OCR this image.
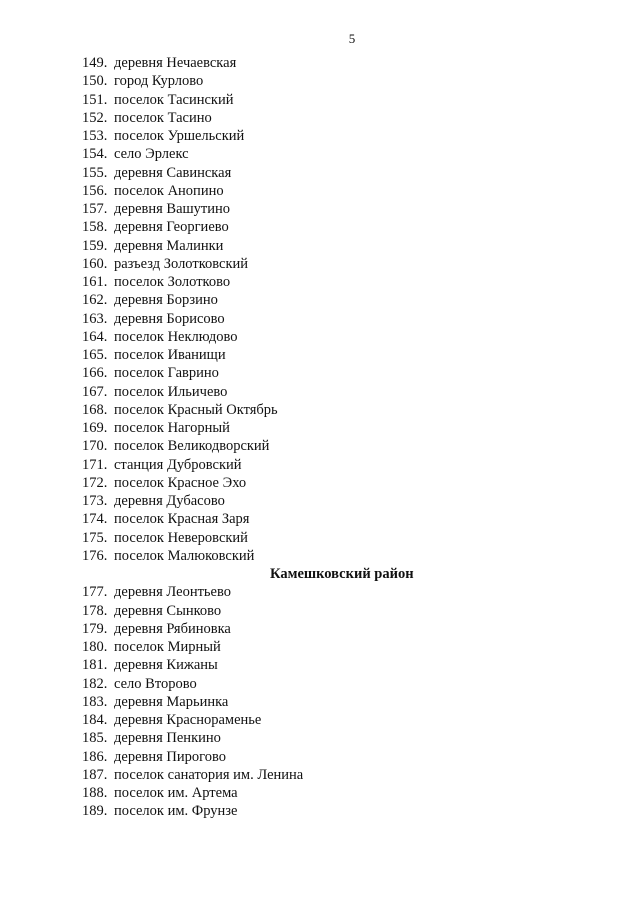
5
149. деревня Нечаевская
150. город Курлово
151. поселок Тасинский
152. поселок Тасино
153. поселок Уршельский
154. село Эрлекс
155. деревня Савинская
156. поселок Анопино
157. деревня Вашутино
158. деревня Георгиево
159. деревня Малинки
160. разъезд Золотковский
161. поселок Золотково
162. деревня Борзино
163. деревня Борисово
164. поселок Неклюдово
165. поселок Иванищи
166. поселок Гаврино
167. поселок Ильичево
168. поселок Красный Октябрь
169. поселок Нагорный
170. поселок Великодворский
171. станция Дубровский
172. поселок Красное Эхо
173. деревня Дубасово
174. поселок Красная Заря
175. поселок Неверовский
176. поселок Малюковский
Камешковский район
177. деревня Леонтьево
178. деревня Сынково
179. деревня Рябиновка
180. поселок Мирный
181. деревня Кижаны
182. село Второво
183. деревня Марьинка
184. деревня Краснораменье
185. деревня Пенкино
186. деревня Пирогово
187. поселок санатория им. Ленина
188. поселок им. Артема
189. поселок им. Фрунзе
